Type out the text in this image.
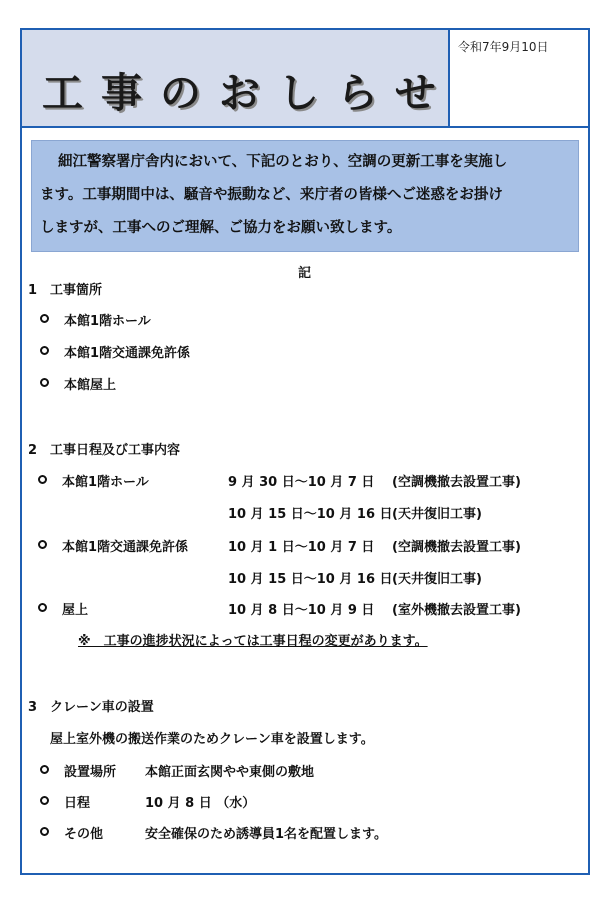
工事のおしらせ
令和7年9月10日
細江警察署庁舎内において、下記のとおり、空調の更新工事を実施し
ます。工事期間中は、騒音や振動など、来庁者の皆様へご迷惑をお掛け
しますが、工事へのご理解、ご協力をお願い致します。
記
1　工事箇所
本館1階ホール
本館1階交通課免許係
本館屋上
2　工事日程及び工事内容
本館1階ホール	9 月 30 日～10 月 7 日 (空調機撤去設置工事)
10 月 15 日～10 月 16 日 (天井復旧工事)
本館1階交通課免許係	10 月 1 日～10 月 7 日 (空調機撤去設置工事)
10 月 15 日～10 月 16 日 (天井復旧工事)
屋上	10 月 8 日～10 月 9 日 (室外機撤去設置工事)
※　工事の進捗状況によっては工事日程の変更があります。
3　クレーン車の設置
屋上室外機の搬送作業のためクレーン車を設置します。
設置場所 本館正面玄関やや東側の敷地
日程	10 月 8 日 （水）
その他	安全確保のため誘導員1名を配置します。
